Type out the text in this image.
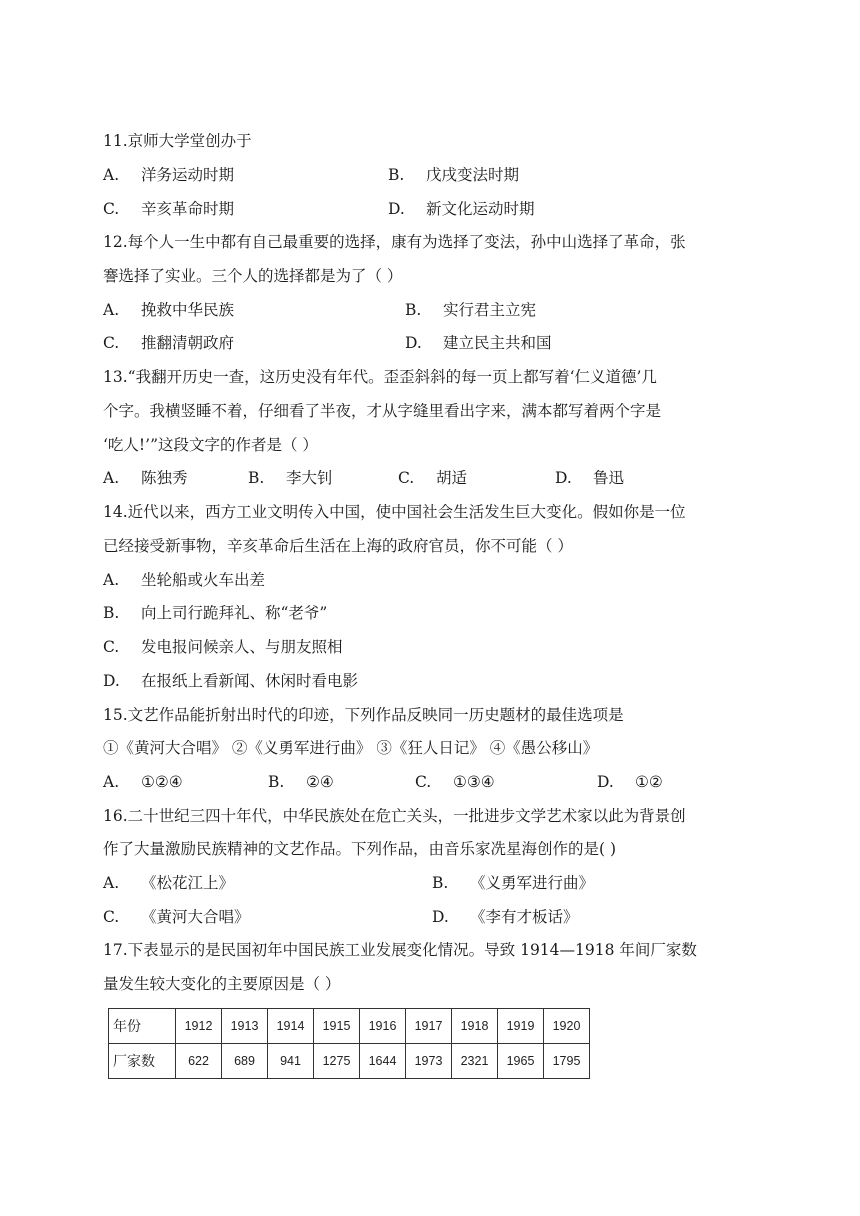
11.京师大学堂创办于
A. 洋务运动时期	B. 戊戌变法时期
C. 辛亥革命时期	D. 新文化运动时期
12.每个人一生中都有自己最重要的选择，康有为选择了变法，孙中山选择了革命，张
謇选择了实业。三个人的选择都是为了（ ）
A. 挽救中华民族	B. 实行君主立宪
C. 推翻清朝政府	D. 建立民主共和国
13.“我翻开历史一查，这历史没有年代。歪歪斜斜的每一页上都写着‘仁义道德’几
个字。我横竖睡不着，仔细看了半夜，才从字缝里看出字来，满本都写着两个字是
‘吃人!’”这段文字的作者是（ ）
A. 陈独秀	B. 李大钊	C. 胡适	D. 鲁迅
14.近代以来，西方工业文明传入中国，使中国社会生活发生巨大变化。假如你是一位
已经接受新事物，辛亥革命后生活在上海的政府官员，你不可能（ ）
A. 坐轮船或火车出差
B. 向上司行跪拜礼、称“老爷”
C. 发电报问候亲人、与朋友照相
D. 在报纸上看新闻、休闲时看电影
15.文艺作品能折射出时代的印迹，下列作品反映同一历史题材的最佳选项是
①《黄河大合唱》 ②《义勇军进行曲》 ③《狂人日记》 ④《愚公移山》
A. ①②④	B. ②④	C. ①③④	D. ①②
16.二十世纪三四十年代，中华民族处在危亡关头，一批进步文学艺术家以此为背景创
作了大量激励民族精神的文艺作品。下列作品，由音乐家冼星海创作的是( )
A. 《松花江上》	B. 《义勇军进行曲》
C. 《黄河大合唱》	D. 《李有才板话》
17.下表显示的是民国初年中国民族工业发展变化情况。导致 1914—1918 年间厂家数
量发生较大变化的主要原因是（ ）
年份	1912	1913	1914	1915	1916	1917	1918	1919	1920
厂家数	622	689	941	1275	1644	1973	2321	1965	1795
